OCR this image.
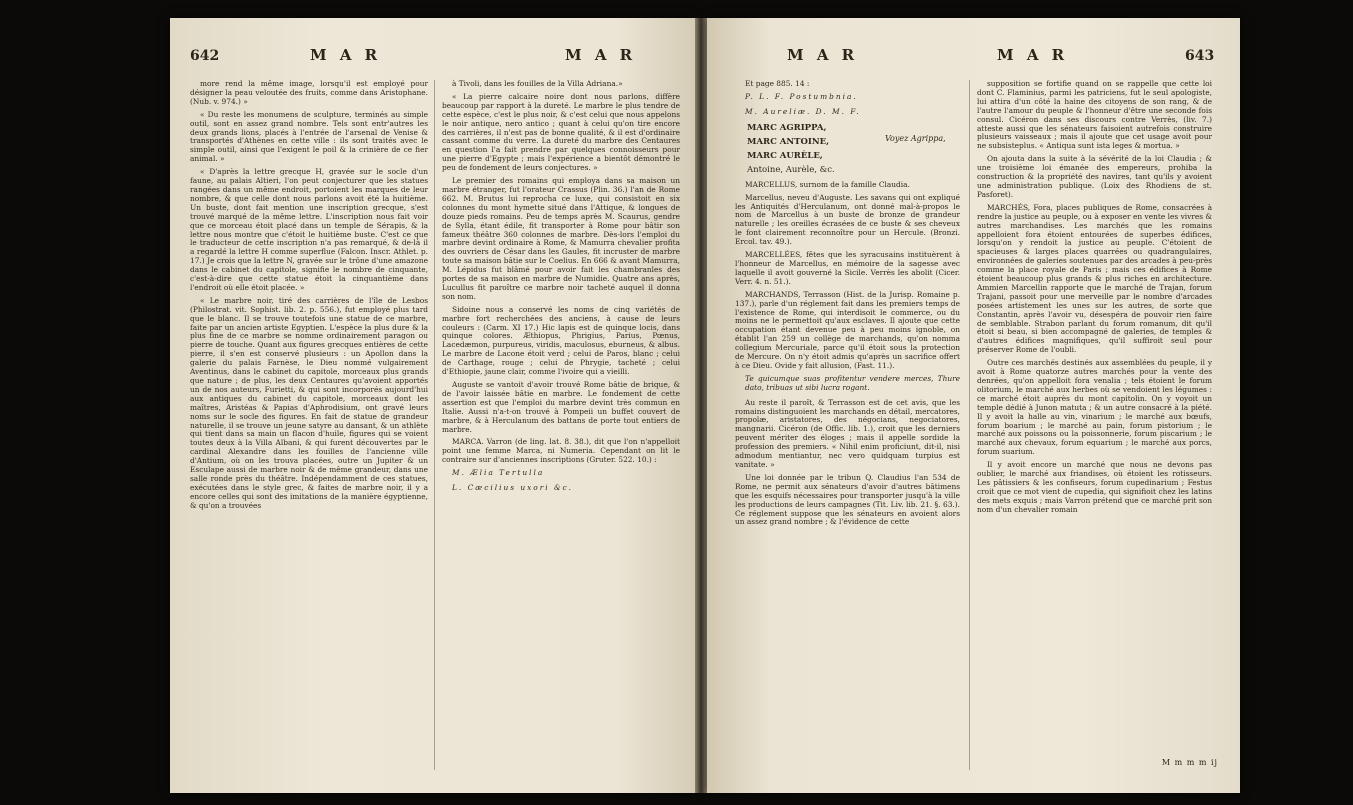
642	M A R	M A R

more rend la même image, lorsqu'il est employé pour désigner la peau veloutée des fruits, comme dans Aristophane. (Nub. v. 974.) »

« Du reste les monumens de sculpture, terminés au simple outil, sont en assez grand nombre. Tels sont entr'autres les deux grands lions, placés à l'entrée de l'arsenal de Venise & transportés d'Athènes en cette ville : ils sont traités avec le simple outil, ainsi que l'exigent le poil & la crinière de ce fier animal. »

« D'après la lettre grecque H, gravée sur le socle d'un faune, au palais Altieri, l'on peut conjecturer que les statues rangées dans un même endroit, portoient les marques de leur nombre, & que celle dont nous parlons avoit été la huitième. Un buste, dont fait mention une inscription grecque, s'est trouvé marqué de la même lettre. L'inscription nous fait voir que ce morceau étoit placé dans un temple de Sérapis, & la lettre nous montre que c'étoit le huitième buste. C'est ce que le traducteur de cette inscription n'a pas remarqué, & de-là il a regardé la lettre H comme superflue (Falcon. Inscr. Athlet. p. 17.) Je crois que la lettre N, gravée sur le trône d'une amazone dans le cabinet du capitole, signifie le nombre de cinquante, c'est-à-dire que cette statue étoit la cinquantième dans l'endroit où elle étoit placée. »

« Le marbre noir, tiré des carrières de l'île de Lesbos (Philostrat. vit. Sophist. lib. 2. p. 556.), fut employé plus tard que le blanc. Il se trouve toutefois une statue de ce marbre, faite par un ancien artiste Egyptien. L'espèce la plus dure & la plus fine de ce marbre se nomme ordinairement paragon ou pierre de touche. Quant aux figures grecques entières de cette pierre, il s'en est conservé plusieurs : un Apollon dans la galerie du palais Farnèse, le Dieu nommé vulgairement Aventinus, dans le cabinet du capitole, morceaux plus grands que nature ; de plus, les deux Centaures qu'avoient apportés un de nos auteurs, Furietti, & qui sont incorporés aujourd'hui aux antiques du cabinet du capitole, morceaux dont les maîtres, Aristéas & Papias d'Aphrodisium, ont gravé leurs noms sur le socle des figures. En fait de statue de grandeur naturelle, il se trouve un jeune satyre au dansant, & un athlète qui tient dans sa main un flacon d'huile, figures qui se voient toutes deux à la Villa Albani, & qui furent découvertes par le cardinal Alexandre dans les fouilles de l'ancienne ville d'Antium, où on les trouva placées, outre un Jupiter & un Esculape aussi de marbre noir & de même grandeur, dans une salle ronde près du théâtre. Indépendamment de ces statues, exécutées dans le style grec, & faites de marbre noir, il y a encore celles qui sont des imitations de la manière égyptienne, & qu'on a trouvées

à Tivoli, dans les fouilles de la Villa Adriana.»

« La pierre calcaire noire dont nous parlons, diffère beaucoup par rapport à la dureté. Le marbre le plus tendre de cette espèce, c'est le plus noir, & c'est celui que nous appelons le noir antique, nero antico ; quant à celui qu'on tire encore des carrières, il n'est pas de bonne qualité, & il est d'ordinaire cassant comme du verre. La dureté du marbre des Centaures en question l'a fait prendre par quelques connoisseurs pour une pierre d'Egypte ; mais l'expérience a bientôt démontré le peu de fondement de leurs conjectures. »

Le premier des romains qui employa dans sa maison un marbre étranger, fut l'orateur Crassus (Plin. 36.) l'an de Rome 662. M. Brutus lui reprocha ce luxe, qui consistoit en six colonnes du mont hymette situé dans l'Attique, & longues de douze pieds romains. Peu de temps après M. Scaurus, gendre de Sylla, étant édile, fit transporter à Rome pour bâtir son fameux théâtre 360 colonnes de marbre. Dès-lors l'emploi du marbre devint ordinaire à Rome, & Mamurra chevalier profita des ouvriers de César dans les Gaules, fit incruster de marbre toute sa maison bâtie sur le Coelius. En 666 & avant Mamurra, M. Lépidus fut blâmé pour avoir fait les chambranles des portes de sa maison en marbre de Numidie. Quatre ans après, Lucullus fit paroître ce marbre noir tacheté auquel il donna son nom.

Sidoine nous a conservé les noms de cinq variétés de marbre fort recherchées des anciens, à cause de leurs couleurs : (Carm. XI 17.) Hic lapis est de quinque locis, dans quinque colores. Æthiopus, Phrigius, Parius, Pœnus, Lacedæmon, purpureus, viridis, maculosus, eburneus, & albus. Le marbre de Lacone étoit verd ; celui de Paros, blanc ; celui de Carthage, rouge ; celui de Phrygie, tacheté ; celui d'Ethiopie, jaune clair, comme l'ivoire qui a vieilli.

Auguste se vantoit d'avoir trouvé Rome bâtie de brique, & de l'avoir laissée bâtie en marbre. Le fondement de cette assertion est que l'emploi du marbre devint très commun en Italie. Aussi n'a-t-on trouvé à Pompeii un buffet couvert de marbre, & à Herculanum des battans de porte tout entiers de marbre.

MARCA. Varron (de ling. lat. 8. 38.), dit que l'on n'appelloit point une femme Marca, ni Numeria. Cependant on lit le contraire sur d'anciennes inscriptions (Gruter. 522. 10.) :

M. Ælia Tertulla

L. Cæcilius uxori &c.

M A R	M A R	643

Et page 885. 14 :

P. L. F. Postumbnia.

M. Aureliæ. D. M. F.

MARC AGRIPPA,

MARC ANTOINE,

MARC AURÈLE,

Antoine, Aurèle, &c.

Voyez Agrippa,

MARCELLUS, surnom de la famille Claudia.

Marcellus, neveu d'Auguste. Les savans qui ont expliqué les Antiquités d'Herculanum, ont donné mal-à-propos le nom de Marcellus à un buste de bronze de grandeur naturelle ; les oreilles écrasées de ce buste & ses cheveux le font clairement reconnoître pour un Hercule. (Bronzi. Ercol. tav. 49.).

MARCELLÉES, fêtes que les syracusains instituèrent à l'honneur de Marcellus, en mémoire de la sagesse avec laquelle il avoit gouverné la Sicile. Verrès les abolit (Cicer. Verr. 4. n. 51.).

MARCHANDS, Terrasson (Hist. de la Jurisp. Romaine p. 137.), parle d'un réglement fait dans les premiers temps de l'existence de Rome, qui interdisoit le commerce, ou du moins ne le permettoit qu'aux esclaves. Il ajoute que cette occupation étant devenue peu à peu moins ignoble, on établit l'an 259 un collège de marchands, qu'on nomma collegium Mercuriale, parce qu'il étoit sous la protection de Mercure. On n'y étoit admis qu'après un sacrifice offert à ce Dieu. Ovide y fait allusion, (Fast. 11.).

Te quicumque suas profitentur vendere merces, Thure dato, tribuas ut sibi lucra rogant.

Au reste il paroît, & Terrasson est de cet avis, que les romains distinguoient les marchands en détail, mercatores, propolæ, aristatores, des négocians, negociatores, mangnarii. Cicéron (de Offic. lib. 1.), croit que les derniers peuvent mériter des éloges ; mais il appelle sordide la profession des premiers. « Nihil enim proficiunt, dit-il, nisi admodum mentiantur, nec vero quidquam turpius est vanitate. »

Une loi donnée par le tribun Q. Claudius l'an 534 de Rome, ne permit aux sénateurs d'avoir d'autres bâtimens que les esquifs nécessaires pour transporter jusqu'à la ville les productions de leurs campagnes (Tit. Liv. lib. 21. §. 63.). Ce réglement suppose que les sénateurs en avoient alors un assez grand nombre ; & l'évidence de cette

supposition se fortifie quand on se rappelle que cette loi dont C. Flaminius, parmi les patriciens, fut le seul apologiste, lui attira d'un côté la haine des citoyens de son rang, & de l'autre l'amour du peuple & l'honneur d'être une seconde fois consul. Cicéron dans ses discours contre Verrès, (liv. 7.) atteste aussi que les sénateurs faisoient autrefois construire plusieurs vaisseaux ; mais il ajoute que cet usage avoit pour ne subsisteplus. « Antiqua sunt ista leges & mortua. »

On ajouta dans la suite à la sévérité de la loi Claudia ; & une troisième loi émanée des empereurs, prohiba la construction & la propriété des navires, tant qu'ils y avoient une administration publique. (Loix des Rhodiens de st. Pasforet).

MARCHÉS, Fora, places publiques de Rome, consacrées à rendre la justice au peuple, ou à exposer en vente les vivres & autres marchandises. Les marchés que les romains appelloient fora étoient entourées de superbes édifices, lorsqu'on y rendoit la justice au peuple. C'étoient de spacieuses & larges places quarrées ou quadrangulaires, environnées de galeries soutenues par des arcades à peu-près comme la place royale de Paris ; mais ces édifices à Rome étoient beaucoup plus grands & plus riches en architecture. Ammien Marcellin rapporte que le marché de Trajan, forum Trajani, passoit pour une merveille par le nombre d'arcades posées artistement les unes sur les autres, de sorte que Constantin, après l'avoir vu, désespéra de pouvoir rien faire de semblable. Strabon parlant du forum romanum, dit qu'il étoit si beau, si bien accompagné de galeries, de temples & d'autres édifices magnifiques, qu'il suffiroit seul pour préserver Rome de l'oubli.

Outre ces marchés destinés aux assemblées du peuple, il y avoit à Rome quatorze autres marchés pour la vente des denrées, qu'on appelloit fora venalia ; tels étoient le forum olitorium, le marché aux herbes où se vendoient les légumes : ce marché étoit auprès du mont capitolin. On y voyoit un temple dédié à Junon matuta ; & un autre consacré à la piété. Il y avoit la halle au vin, vinarium ; le marché aux bœufs, forum boarium ; le marché au pain, forum pistorium ; le marché aux poissons ou la poissonnerie, forum piscarium ; le marché aux chevaux, forum equarium ; le marché aux porcs, forum suarium.

Il y avoit encore un marché que nous ne devons pas oublier, le marché aux friandises, où étoient les rotisseurs. Les pâtissiers & les confiseurs, forum cupedinarium ; Festus croit que ce mot vient de cupedia, qui signifioit chez les latins des mets exquis ; mais Varron prétend que ce marché prit son nom d'un chevalier romain

M m m m ij
